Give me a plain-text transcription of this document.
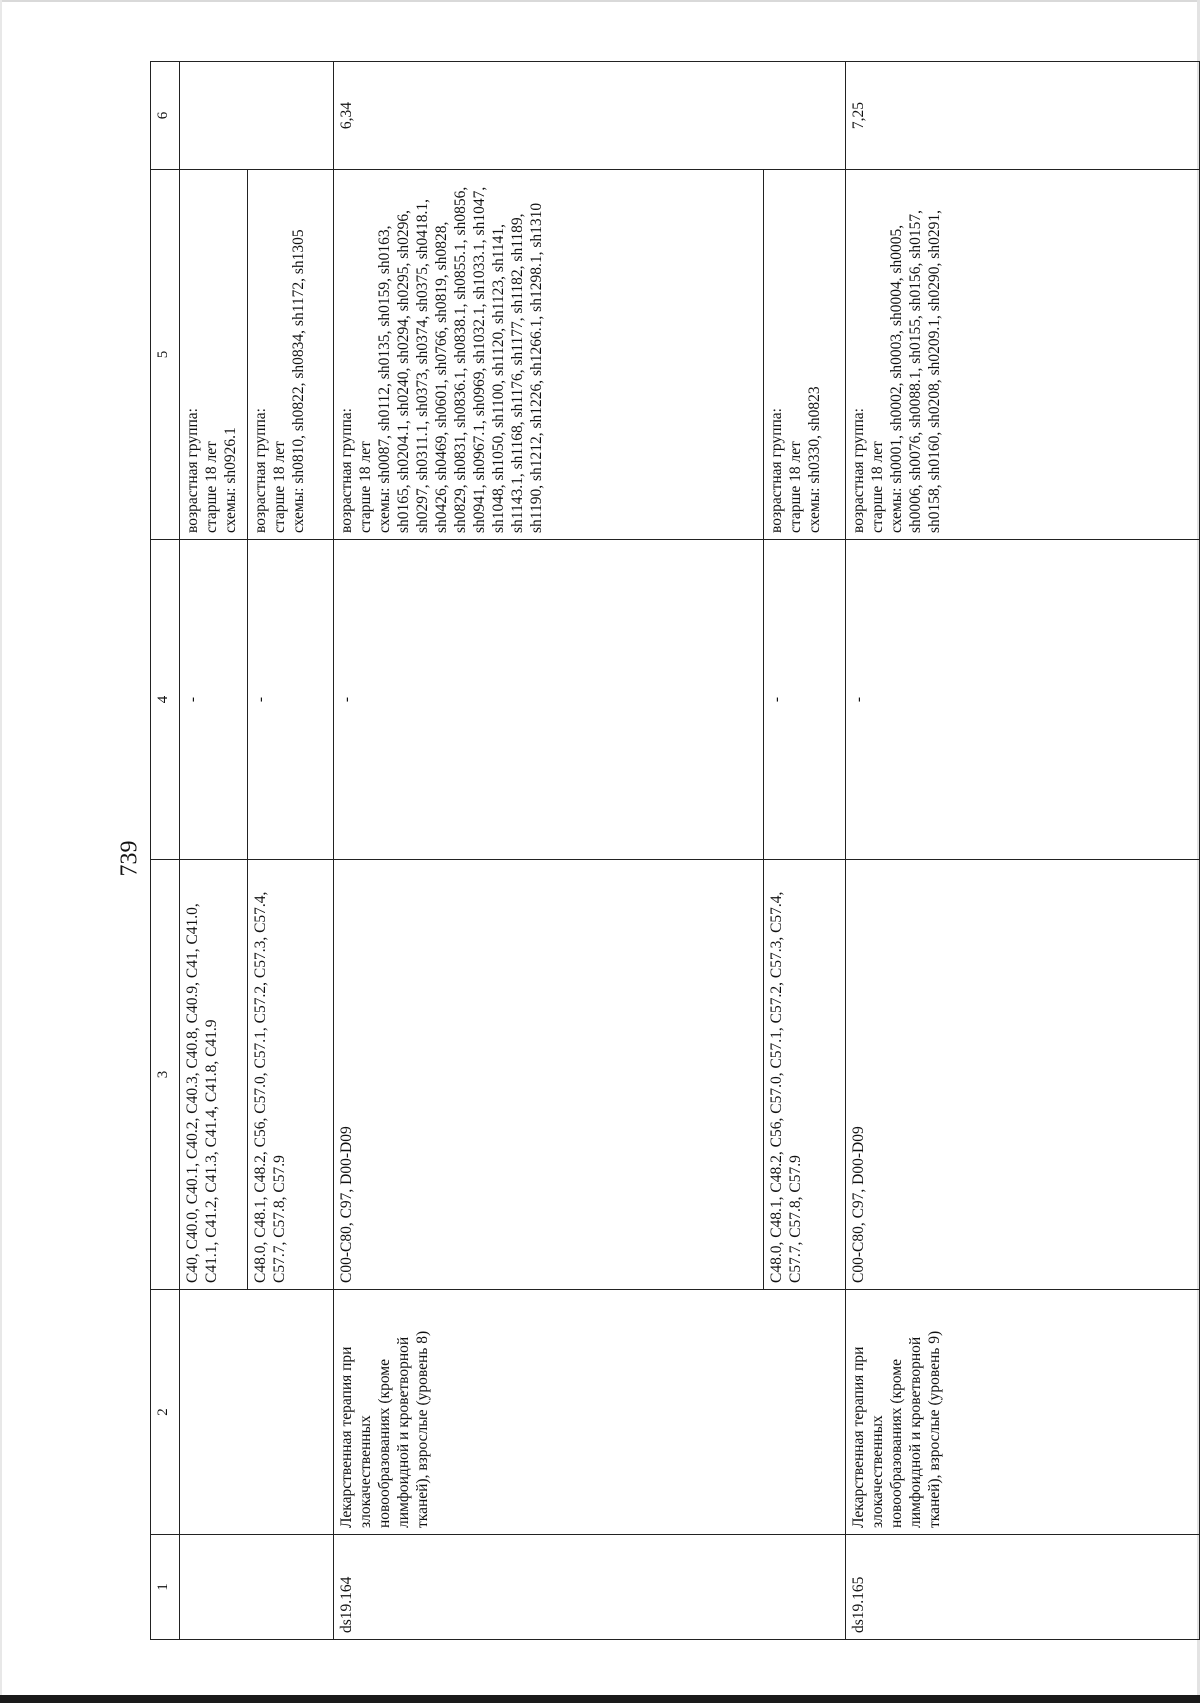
739
1	2	3	4	5	6
		C40, C40.0, C40.1, C40.2, C40.3, C40.8, C40.9, C41, C41.0, C41.1, C41.2, C41.3, C41.4, C41.8, C41.9	-	возрастная группа:
старше 18 лет
схемы: sh0926.1	
		C48.0, C48.1, C48.2, C56, C57.0, C57.1, C57.2, C57.3, C57.4, C57.7, C57.8, C57.9	-	возрастная группа:
старше 18 лет
схемы: sh0810, sh0822, sh0834, sh1172, sh1305	
ds19.164	Лекарственная терапия при злокачественных новообразованиях (кроме лимфоидной и кроветворной тканей), взрослые (уровень 8)	C00-C80, C97, D00-D09	-	возрастная группа:
старше 18 лет
схемы: sh0087, sh0112, sh0135, sh0159, sh0163, sh0165, sh0204.1, sh0240, sh0294, sh0295, sh0296, sh0297, sh0311.1, sh0373, sh0374, sh0375, sh0418.1, sh0426, sh0469, sh0601, sh0766, sh0819, sh0828, sh0829, sh0831, sh0836.1, sh0838.1, sh0855.1, sh0856, sh0941, sh0967.1, sh0969, sh1032.1, sh1033.1, sh1047, sh1048, sh1050, sh1100, sh1120, sh1123, sh1141, sh1143.1, sh1168, sh1176, sh1177, sh1182, sh1189, sh1190, sh1212, sh1226, sh1266.1, sh1298.1, sh1310	6,34
		C48.0, C48.1, C48.2, C56, C57.0, C57.1, C57.2, C57.3, C57.4, C57.7, C57.8, C57.9	-	возрастная группа:
старше 18 лет
схемы: sh0330, sh0823	
ds19.165	Лекарственная терапия при злокачественных новообразованиях (кроме лимфоидной и кроветворной тканей), взрослые (уровень 9)	C00-C80, C97, D00-D09	-	возрастная группа:
старше 18 лет
схемы: sh0001, sh0002, sh0003, sh0004, sh0005, sh0006, sh0076, sh0088.1, sh0155, sh0156, sh0157, sh0158, sh0160, sh0208, sh0209.1, sh0290, sh0291,	7,25
